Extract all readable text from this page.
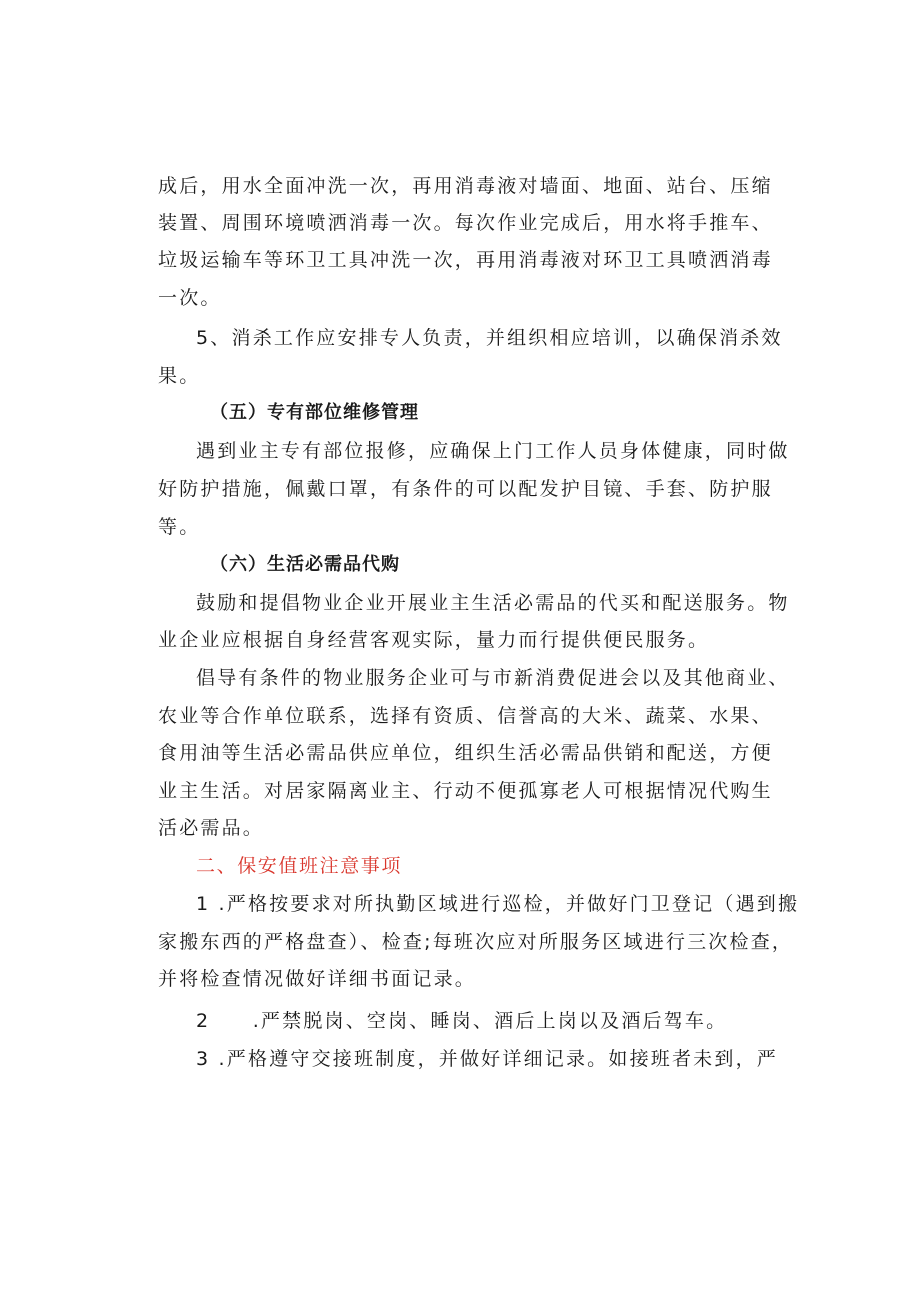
成后，用水全面冲洗一次，再用消毒液对墙面、地面、站台、压缩
装置、周围环境喷洒消毒一次。每次作业完成后，用水将手推车、
垃圾运输车等环卫工具冲洗一次，再用消毒液对环卫工具喷洒消毒
一次。
5、消杀工作应安排专人负责，并组织相应培训，以确保消杀效
果。
（五）专有部位维修管理
遇到业主专有部位报修，应确保上门工作人员身体健康，同时做
好防护措施，佩戴口罩，有条件的可以配发护目镜、手套、防护服
等。
（六）生活必需品代购
鼓励和提倡物业企业开展业主生活必需品的代买和配送服务。物
业企业应根据自身经营客观实际，量力而行提供便民服务。
倡导有条件的物业服务企业可与市新消费促进会以及其他商业、
农业等合作单位联系，选择有资质、信誉高的大米、蔬菜、水果、
食用油等生活必需品供应单位，组织生活必需品供销和配送，方便
业主生活。对居家隔离业主、行动不便孤寡老人可根据情况代购生
活必需品。
二、保安值班注意事项
1 .严格按要求对所执勤区域进行巡检，并做好门卫登记（遇到搬
家搬东西的严格盘查）、检查;每班次应对所服务区域进行三次检查，
并将检查情况做好详细书面记录。
2　　.严禁脱岗、空岗、睡岗、酒后上岗以及酒后驾车。
3 .严格遵守交接班制度，并做好详细记录。如接班者未到，严
